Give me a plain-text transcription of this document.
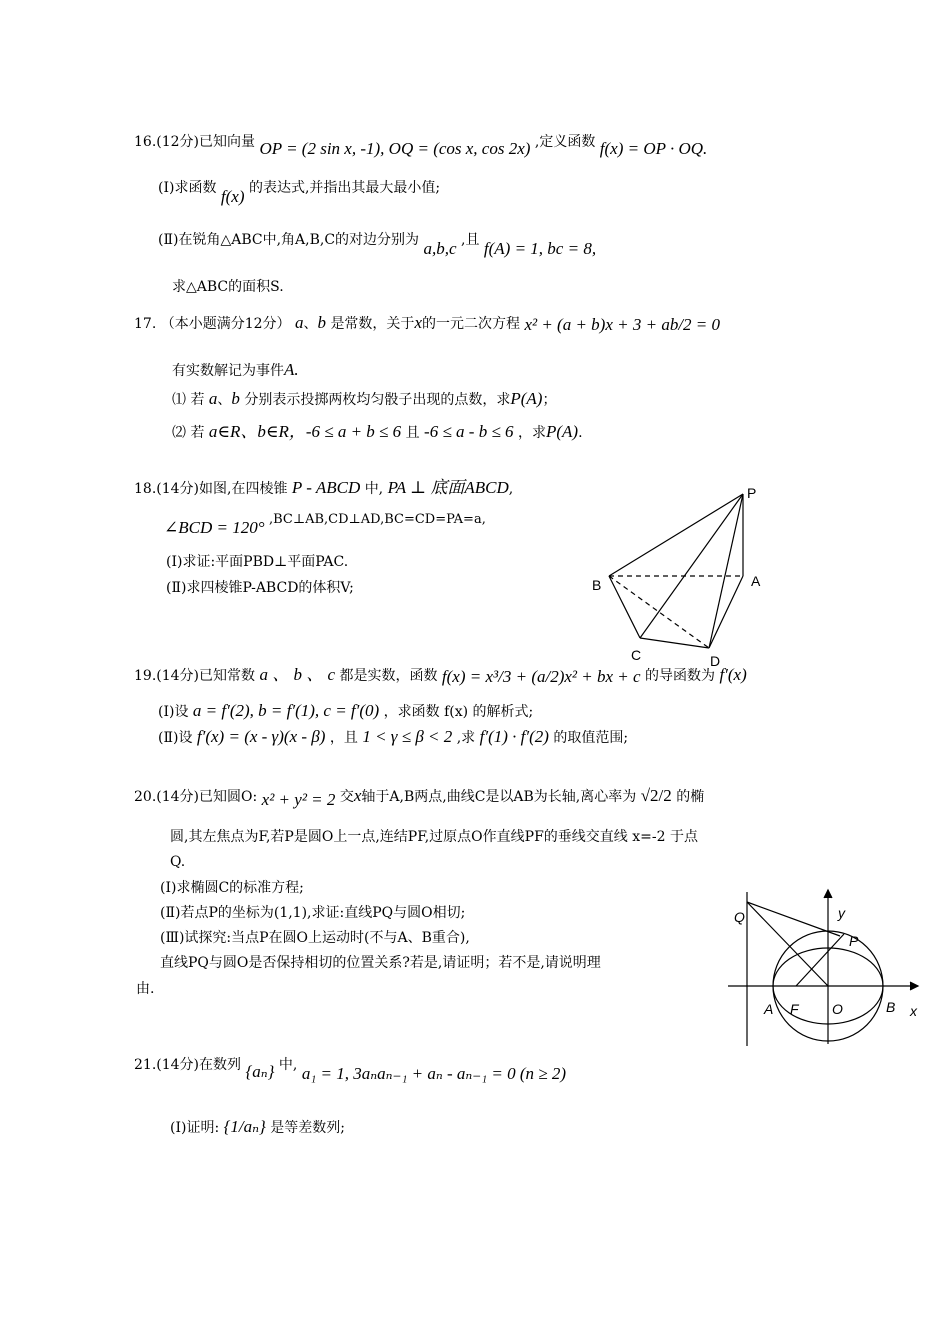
16.(12分)已知向量 OP = (2 sin x, -1), OQ = (cos x, cos 2x) ,定义函数 f(x) = OP · OQ.
(Ⅰ)求函数 f(x) 的表达式,并指出其最大最小值;
(Ⅱ)在锐角△ABC中,角A,B,C的对边分别为 a,b,c ,且 f(A) = 1, bc = 8,
求△ABC的面积S.
17. （本小题满分12分） a、b 是常数，关于x的一元二次方程 x² + (a + b)x + 3 + ab/2 = 0
有实数解记为事件A.
⑴ 若 a、b 分别表示投掷两枚均匀骰子出现的点数，求P(A)；
⑵ 若 a∈R、b∈R，-6 ≤ a + b ≤ 6 且 -6 ≤ a - b ≤ 6 ，求P(A).
18.(14分)如图,在四棱锥 P - ABCD 中, PA ⊥ 底面ABCD,
∠BCD = 120° ,BC⊥AB,CD⊥AD,BC=CD=PA=a,
(Ⅰ)求证:平面PBD⊥平面PAC.
(Ⅱ)求四棱锥P-ABCD的体积V;
P
A
B
C	D
19.(14分)已知常数 a 、 b 、 c 都是实数，函数 f(x) = x³/3 + (a/2)x² + bx + c 的导函数为 f′(x)
(Ⅰ)设 a = f′(2), b = f′(1), c = f′(0) ，求函数 f(x) 的解析式;
(Ⅱ)设 f′(x) = (x - γ)(x - β) ，且 1 < γ ≤ β < 2 ,求 f′(1) · f′(2) 的取值范围;
20.(14分)已知圆O: x² + y² = 2 交x轴于A,B两点,曲线C是以AB为长轴,离心率为 √2/2 的椭
圆,其左焦点为F,若P是圆O上一点,连结PF,过原点O作直线PF的垂线交直线 x=-2 于点
Q.
(Ⅰ)求椭圆C的标准方程;
(Ⅱ)若点P的坐标为(1,1),求证:直线PQ与圆O相切;
(Ⅲ)试探究:当点P在圆O上运动时(不与A、B重合),
直线PQ与圆O是否保持相切的位置关系?若是,请证明；若不是,请说明理
由.
Q	y
P
A F O	B x
21.(14分)在数列 {aₙ} 中, a₁ = 1, 3aₙaₙ₋₁ + aₙ - aₙ₋₁ = 0 (n ≥ 2)
(Ⅰ)证明: {1/aₙ} 是等差数列;
